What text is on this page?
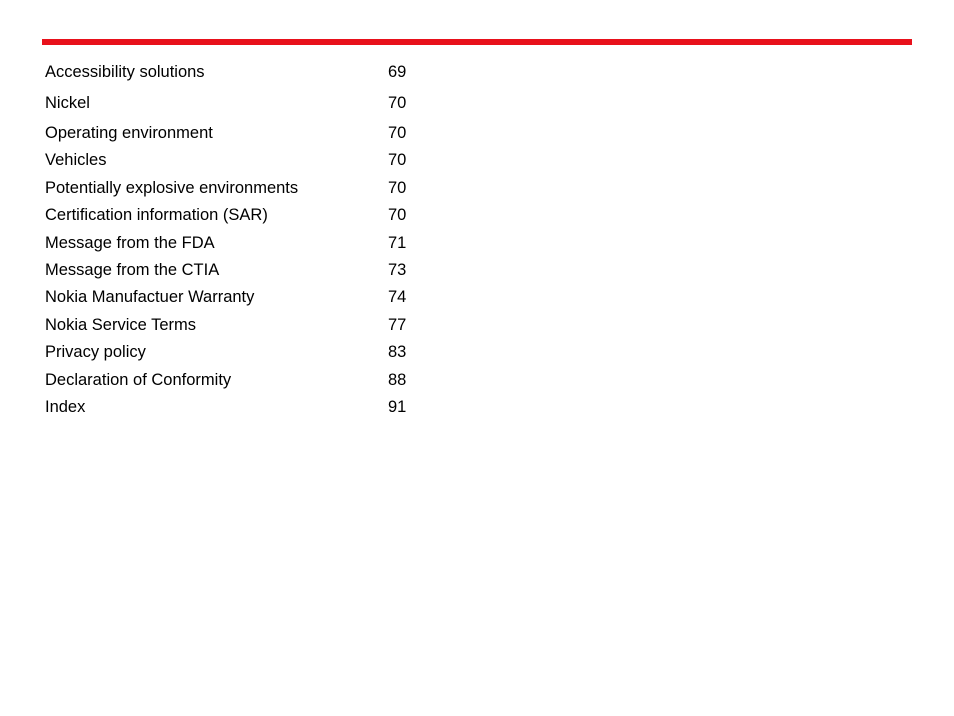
Accessibility solutions	69
Nickel	70
Operating environment	70
Vehicles	70
Potentially explosive environments	70
Certification information (SAR)	70
Message from the FDA	71
Message from the CTIA	73
Nokia Manufactuer Warranty	74
Nokia Service Terms	77
Privacy policy	83
Declaration of Conformity	88
Index	91
